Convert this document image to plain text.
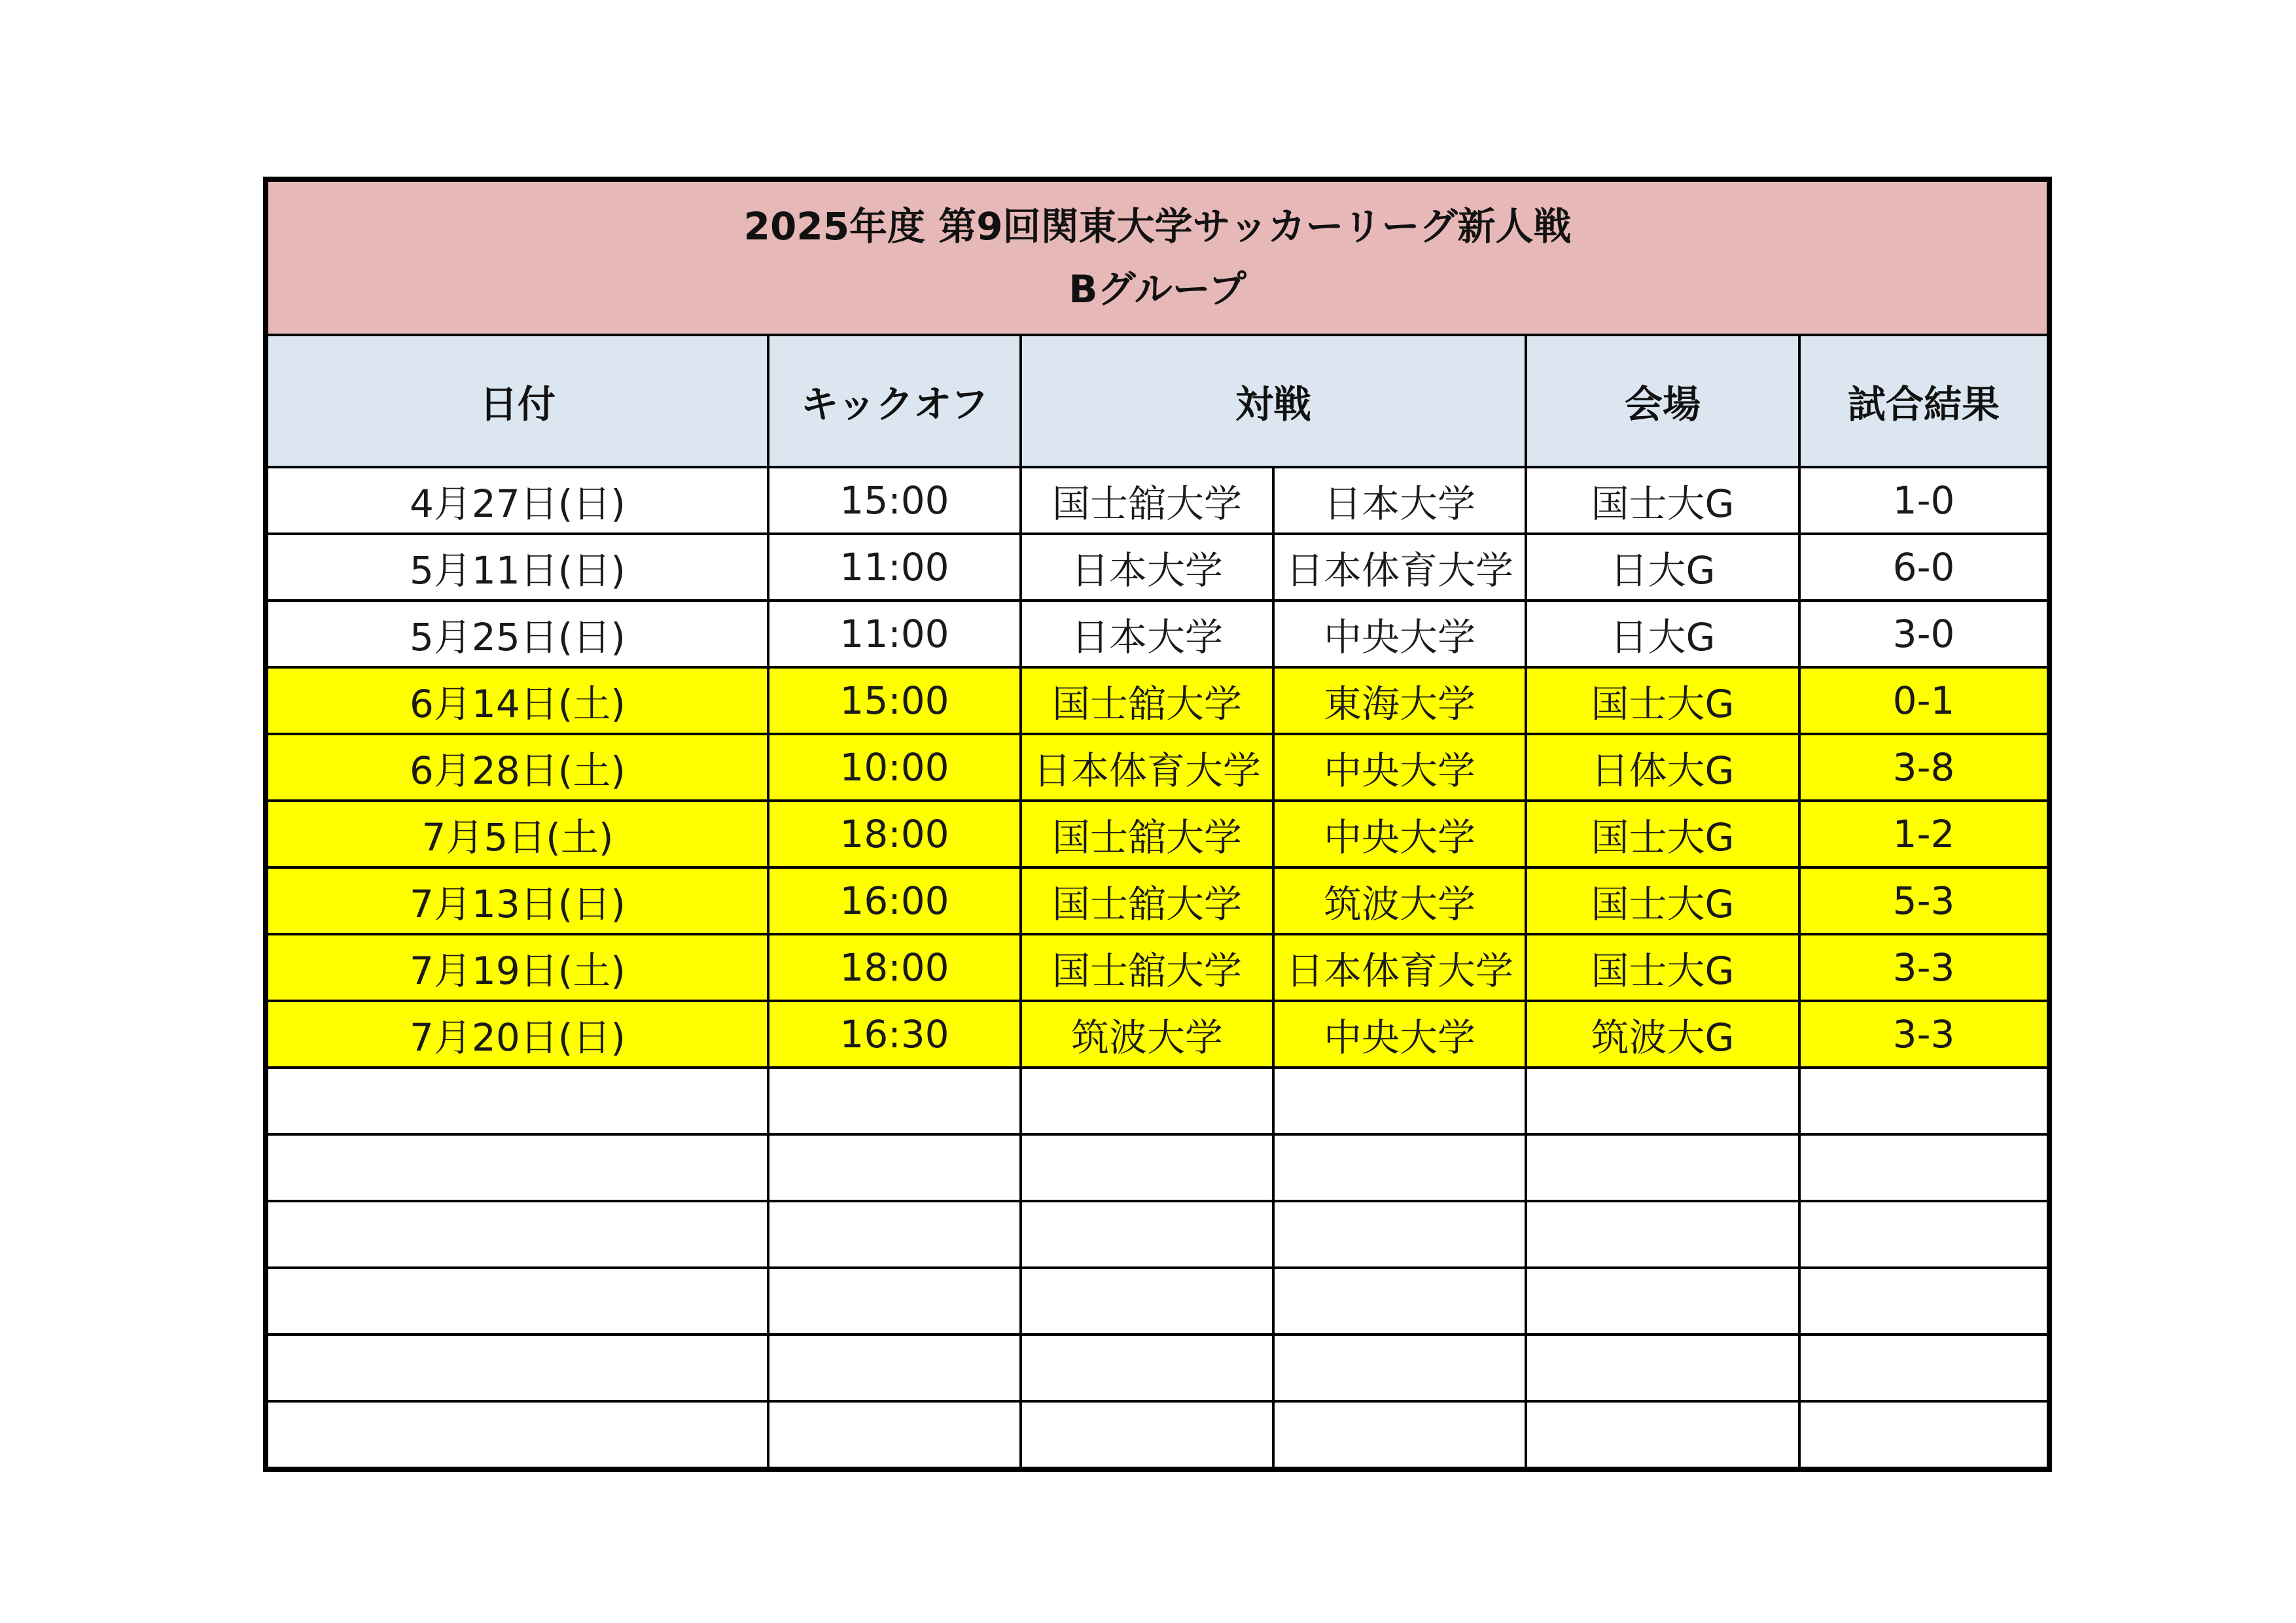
2025年度 第9回関東大学サッカーリーグ新人戦
Bグループ					

日付	キックオフ	対戦		会場	試合結果
4月27日(日)	15:00	国士舘大学	日本大学	国士大G	1-0
5月11日(日)	11:00	日本大学	日本体育大学	日大G	6-0
5月25日(日)	11:00	日本大学	中央大学	日大G	3-0
6月14日(土)	15:00	国士舘大学	東海大学	国士大G	0-1
6月28日(土)	10:00	日本体育大学	中央大学	日体大G	3-8
7月5日(土)	18:00	国士舘大学	中央大学	国士大G	1-2
7月13日(日)	16:00	国士舘大学	筑波大学	国士大G	5-3
7月19日(土)	18:00	国士舘大学	日本体育大学	国士大G	3-3
7月20日(日)	16:30	筑波大学	中央大学	筑波大G	3-3
